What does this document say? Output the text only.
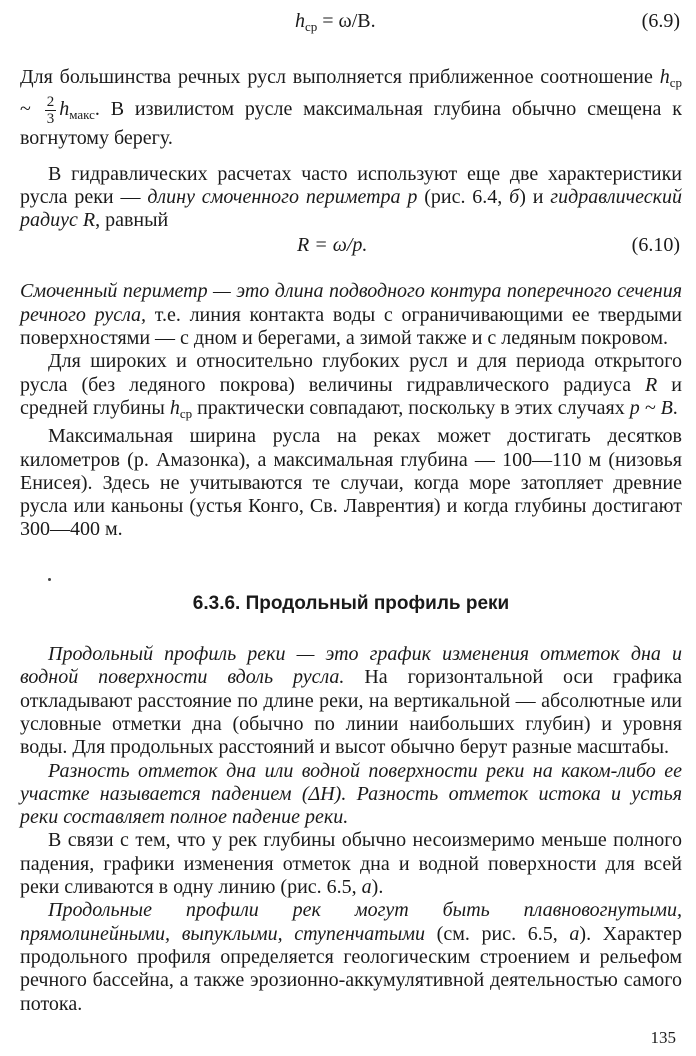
$h_{ср} = \omega/B$.	(6.9)

Для большинства речных русл выполняется приближенное соотношение $h_{ср}$ ~ $\frac{2}{3} h_{макс}$. В извилистом русле максимальная глубина обычно смещена к вогнутому берегу.

В гидравлических расчетах часто используют еще две характеристики русла реки — длину смоченного периметра p (рис. 6.4, б) и гидравлический радиус R, равный

R = ω/p.	(6.10)

Смоченный периметр — это длина подводного контура поперечного сечения речного русла, т.е. линия контакта воды с ограничивающими ее твердыми поверхностями — с дном и берегами, а зимой также и с ледяным покровом.

Для широких и относительно глубоких русл и для периода открытого русла (без ледяного покрова) величины гидравлического радиуса R и средней глубины $h_{ср}$ практически совпадают, поскольку в этих случаях p ~ B.

Максимальная ширина русла на реках может достигать десятков километров (р. Амазонка), а максимальная глубина — 100—110 м (низовья Енисея). Здесь не учитываются те случаи, когда море затопляет древние русла или каньоны (устья Конго, Св. Лаврентия) и когда глубины достигают 300—400 м.

6.3.6. Продольный профиль реки

Продольный профиль реки — это график изменения отметок дна и водной поверхности вдоль русла. На горизонтальной оси графика откладывают расстояние по длине реки, на вертикальной — абсолютные или условные отметки дна (обычно по линии наибольших глубин) и уровня воды. Для продольных расстояний и высот обычно берут разные масштабы.

Разность отметок дна или водной поверхности реки на каком-либо ее участке называется падением (ΔH). Разность отметок истока и устья реки составляет полное падение реки.

В связи с тем, что у рек глубины обычно несоизмеримо меньше полного падения, графики изменения отметок дна и водной поверхности для всей реки сливаются в одну линию (рис. 6.5, а).

Продольные профили рек могут быть плавновогнутыми, прямолинейными, выпуклыми, ступенчатыми (см. рис. 6.5, а). Характер продольного профиля определяется геологическим строением и рельефом речного бассейна, а также эрозионно-аккумулятивной деятельностью самого потока.

135
